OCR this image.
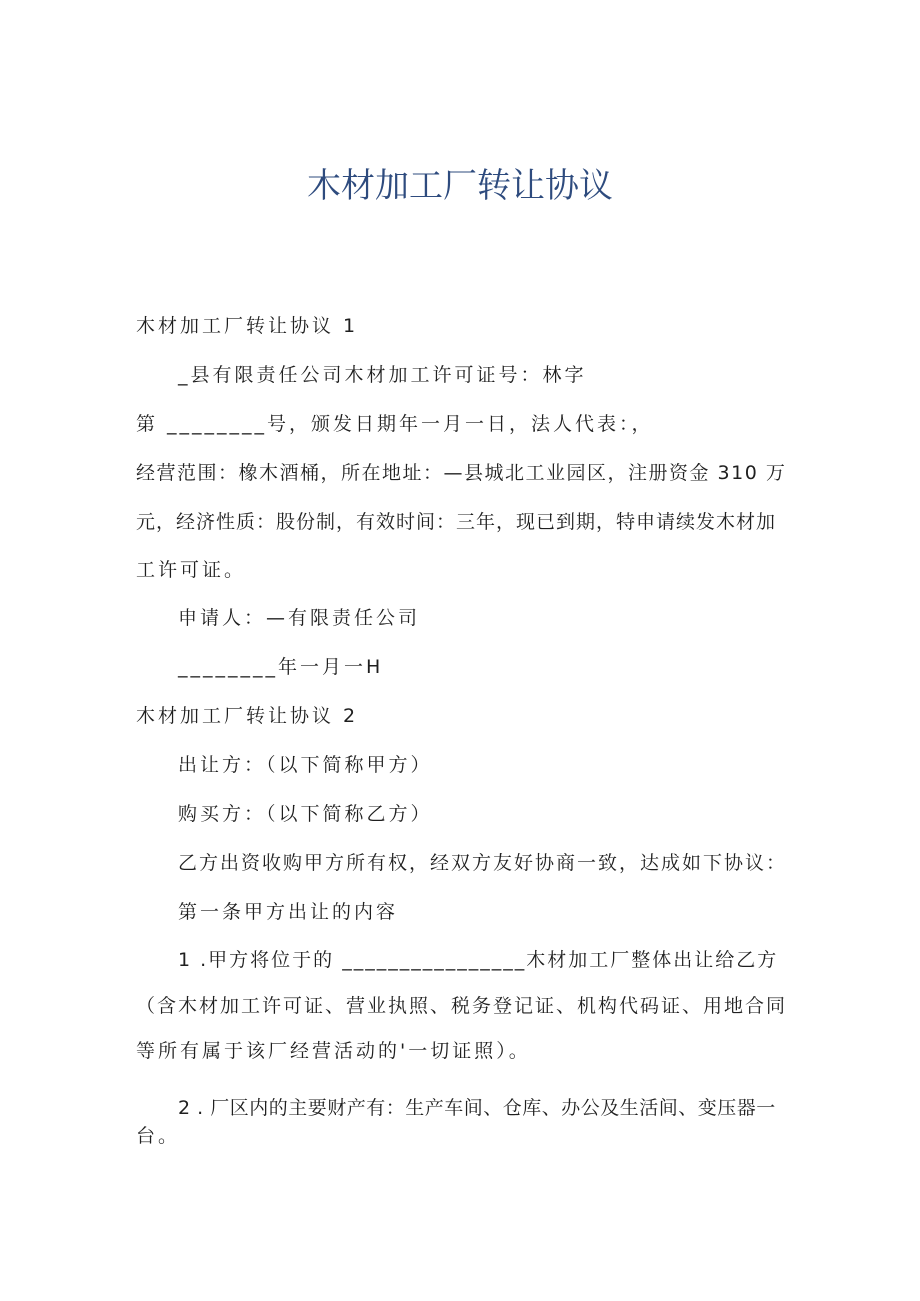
木材加工厂转让协议
木材加工厂转让协议 1
_县有限责任公司木材加工许可证号：林字
第 ________号，颁发日期年一月一日，法人代表：，
经营范围：橡木酒桶，所在地址：—县城北工业园区，注册资金 310 万
元，经济性质：股份制，有效时间：三年，现已到期，特申请续发木材加
工许可证。
申请人：—有限责任公司
________年一月一H
木材加工厂转让协议 2
出让方：（以下简称甲方）
购买方：（以下简称乙方）
乙方出资收购甲方所有权，经双方友好协商一致，达成如下协议：
第一条甲方出让的内容
1 .甲方将位于的 ________________木材加工厂整体出让给乙方
（含木材加工许可证、营业执照、税务登记证、机构代码证、用地合同
等所有属于该厂经营活动的'一切证照）。
2 . 厂区内的主要财产有：生产车间、仓库、办公及生活间、变压器一
台。
